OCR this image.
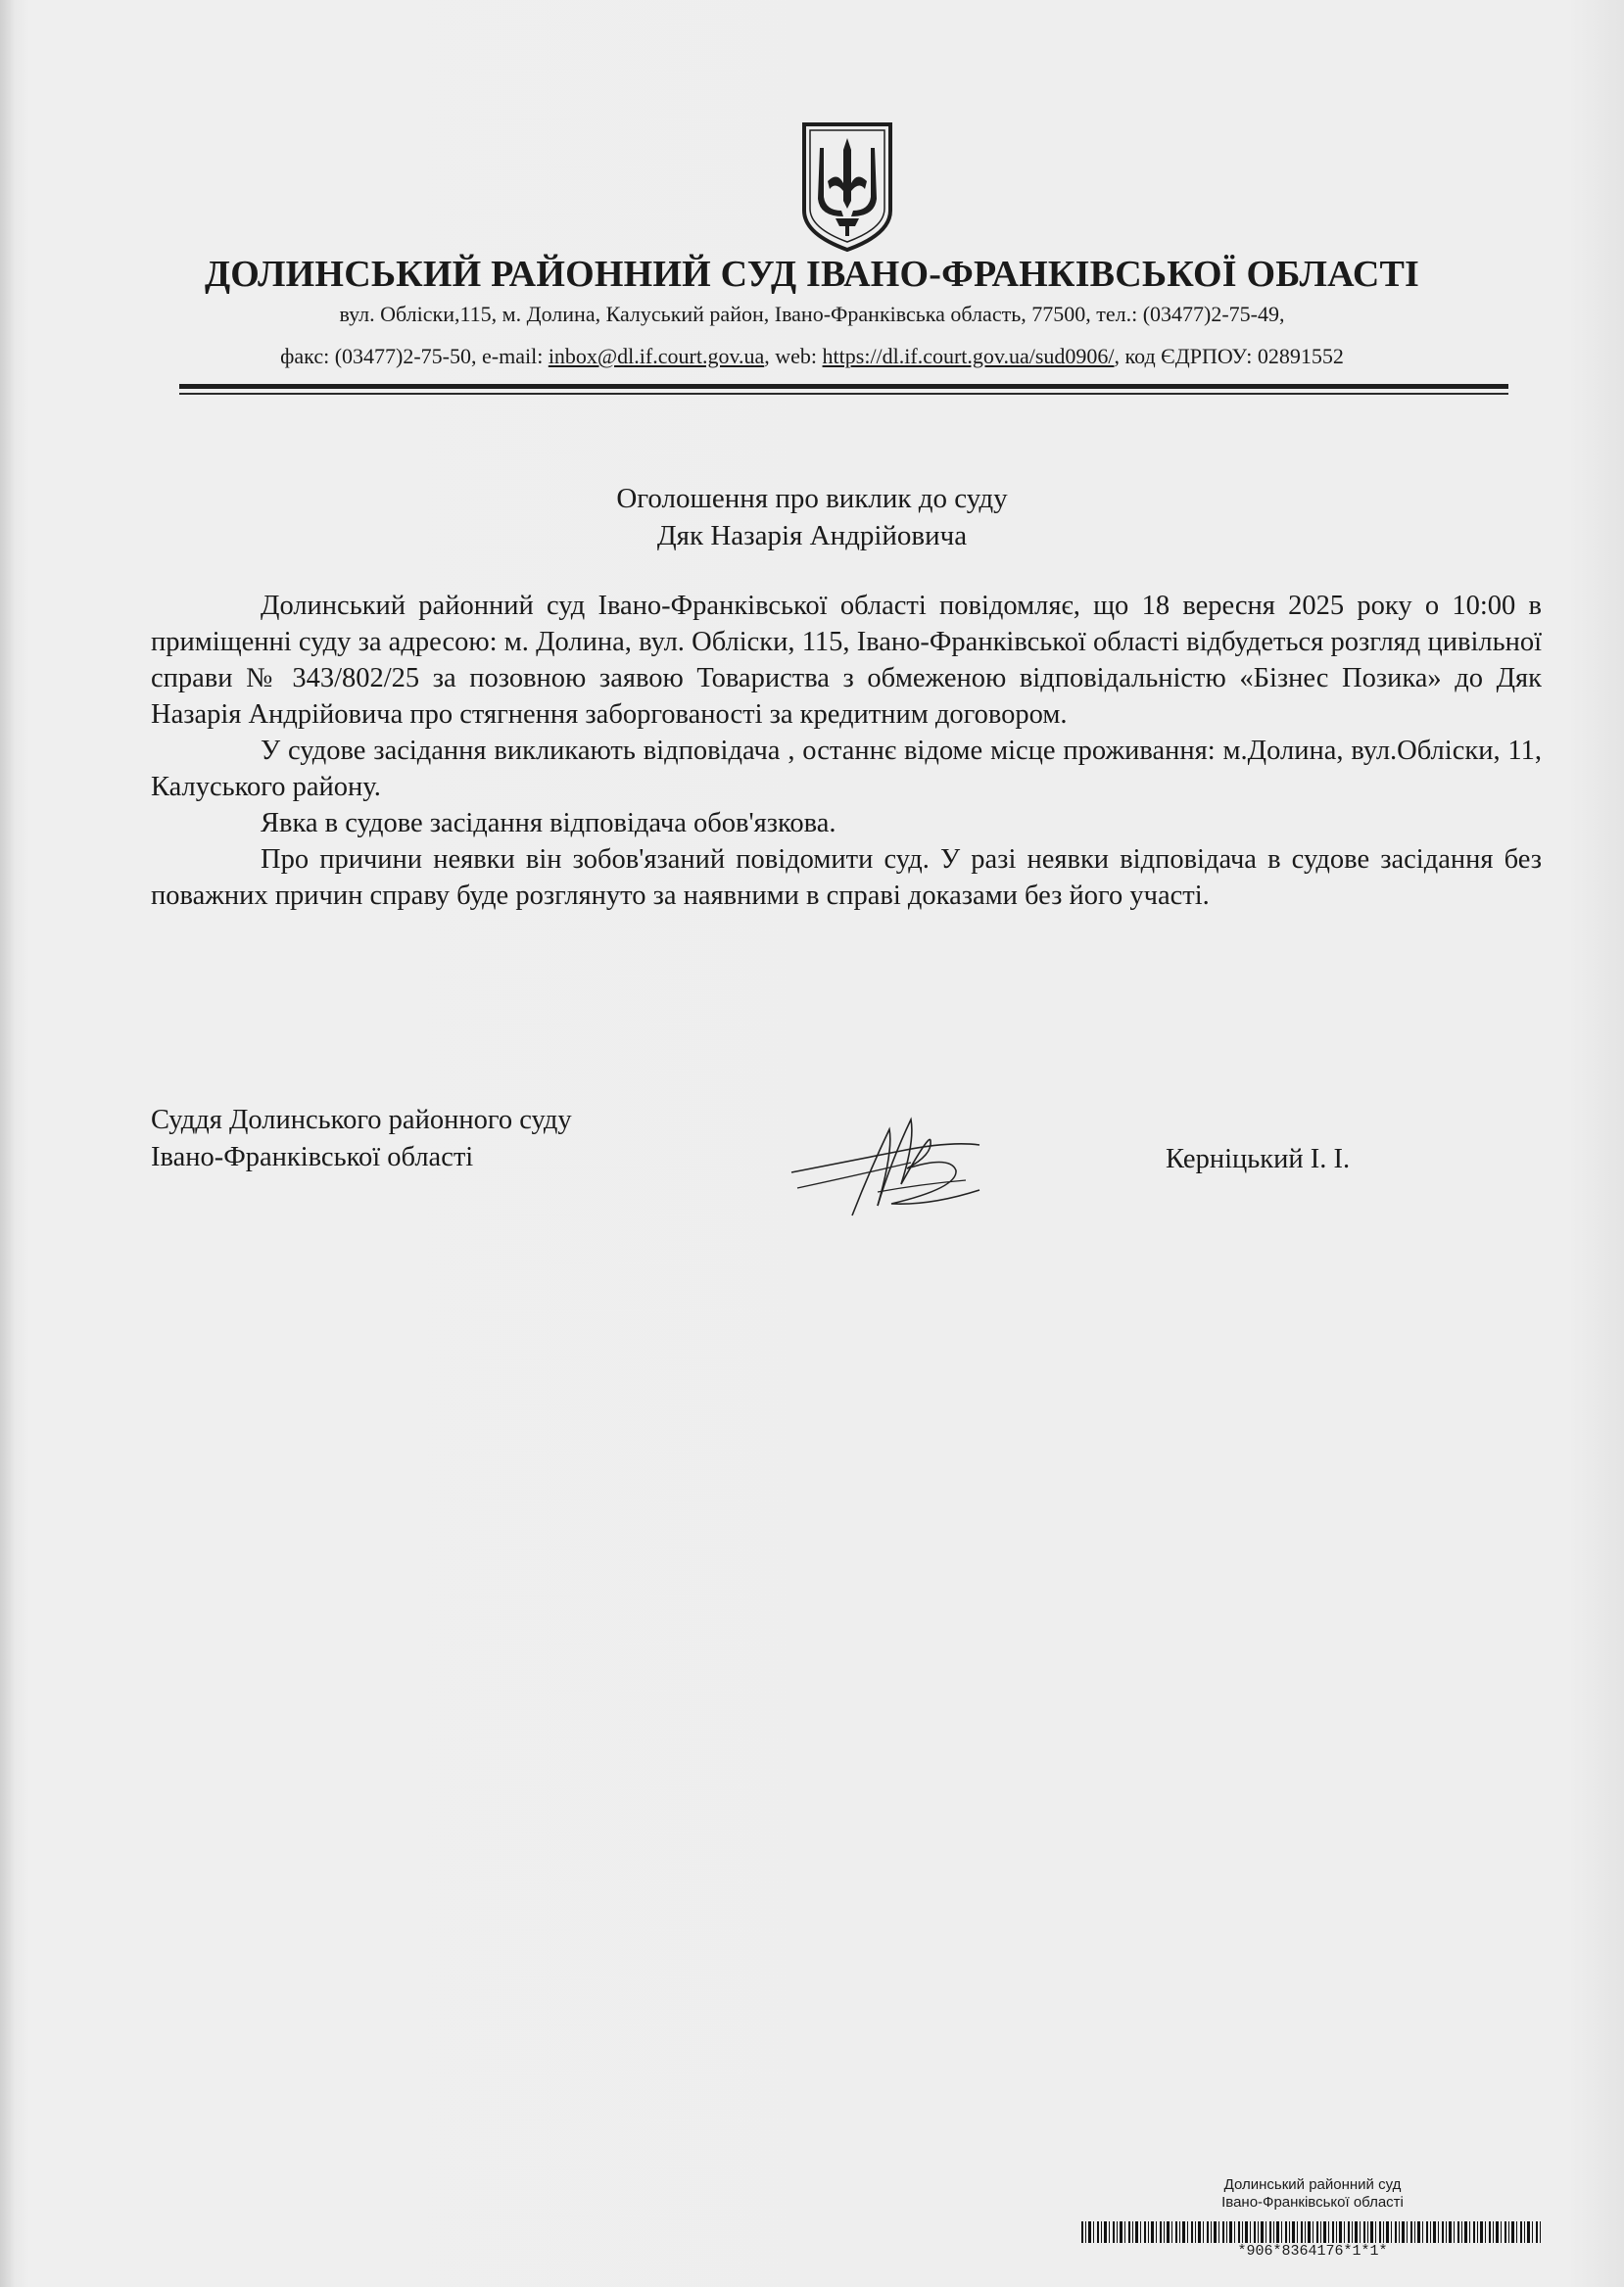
ДОЛИНСЬКИЙ РАЙОННИЙ СУД ІВАНО-ФРАНКІВСЬКОЇ ОБЛАСТІ
вул. Обліски,115, м. Долина, Калуський район, Івано-Франківська область, 77500, тел.: (03477)2-75-49,
факс: (03477)2-75-50, e-mail: inbox@dl.if.court.gov.ua, web: https://dl.if.court.gov.ua/sud0906/, код ЄДРПОУ: 02891552
Оголошення про виклик до суду
Дяк Назарія Андрійовича

Долинський районний суд Івано-Франківської області повідомляє, що 18 вересня 2025 року о 10:00 в приміщенні суду за адресою: м. Долина, вул. Обліски, 115, Івано-Франківської області відбудеться розгляд цивільної справи № 343/802/25 за позовною заявою Товариства з обмеженою відповідальністю «Бізнес Позика» до Дяк Назарія Андрійовича про стягнення заборгованості за кредитним договором.

У судове засідання викликають відповідача , останнє відоме місце проживання: м.Долина, вул.Обліски, 11, Калуського району.

Явка в судове засідання відповідача обов'язкова.

Про причини неявки він зобов'язаний повідомити суд. У разі неявки відповідача в судове засідання без поважних причин справу буде розглянуто за наявними в справі доказами без його участі.

Суддя Долинського районного суду
Івано-Франківської області	Керніцький І. І.
Долинський районний суд
Івано-Франківської області
*906*8364176*1*1*
